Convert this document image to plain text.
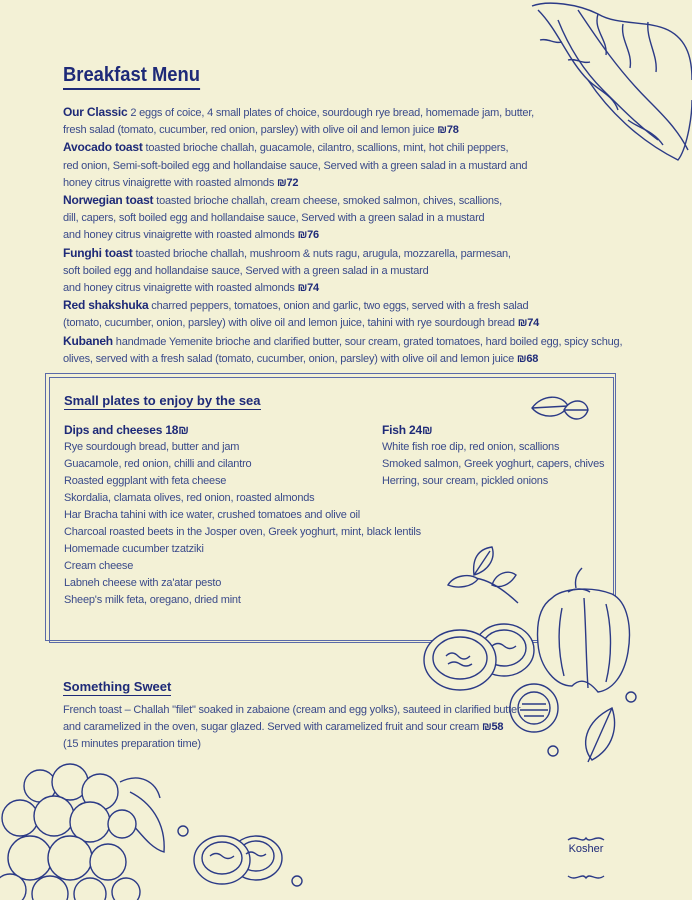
Breakfast Menu

Our Classic 2 eggs of coice, 4 small plates of choice, sourdough rye bread, homemade jam, butter,
fresh salad (tomato, cucumber, red onion, parsley) with olive oil and lemon juice ₪78

Avocado toast toasted brioche challah, guacamole, cilantro, scallions, mint, hot chili peppers,
red onion, Semi-soft-boiled egg and hollandaise sauce, Served with a green salad in a mustard and
honey citrus vinaigrette with roasted almonds ₪72

Norwegian toast toasted brioche challah, cream cheese, smoked salmon, chives, scallions,
dill, capers, soft boiled egg and hollandaise sauce, Served with a green salad in a mustard
and honey citrus vinaigrette with roasted almonds ₪76

Funghi toast toasted brioche challah, mushroom & nuts ragu, arugula, mozzarella, parmesan,
soft boiled egg and hollandaise sauce, Served with a green salad in a mustard
and honey citrus vinaigrette with roasted almonds ₪74

Red shakshuka charred peppers, tomatoes, onion and garlic, two eggs, served with a fresh salad
(tomato, cucumber, onion, parsley) with olive oil and lemon juice, tahini with rye sourdough bread ₪74

Kubaneh handmade Yemenite brioche and clarified butter, sour cream, grated tomatoes, hard boiled egg, spicy schug,
olives, served with a fresh salad (tomato, cucumber, onion, parsley) with olive oil and lemon juice ₪68

Small plates to enjoy by the sea
Dips and cheeses 18₪
Rye sourdough bread, butter and jam
Guacamole, red onion, chilli and cilantro
Roasted eggplant with feta cheese
Skordalia, clamata olives, red onion, roasted almonds
Har Bracha tahini with ice water, crushed tomatoes and olive oil
Charcoal roasted beets in the Josper oven, Greek yoghurt, mint, black lentils
Homemade cucumber tzatziki
Cream cheese
Labneh cheese with za'atar pesto
Sheep's milk feta, oregano, dried mint
Fish 24₪
White fish roe dip, red onion, scallions
Smoked salmon, Greek yoghurt, capers, chives
Herring, sour cream, pickled onions
Something Sweet
French toast – Challah "filet" soaked in zabaione (cream and egg yolks), sauteed in clarified butter
and caramelized in the oven, sugar glazed. Served with caramelized fruit and sour cream ₪58
(15 minutes preparation time)
Kosher
